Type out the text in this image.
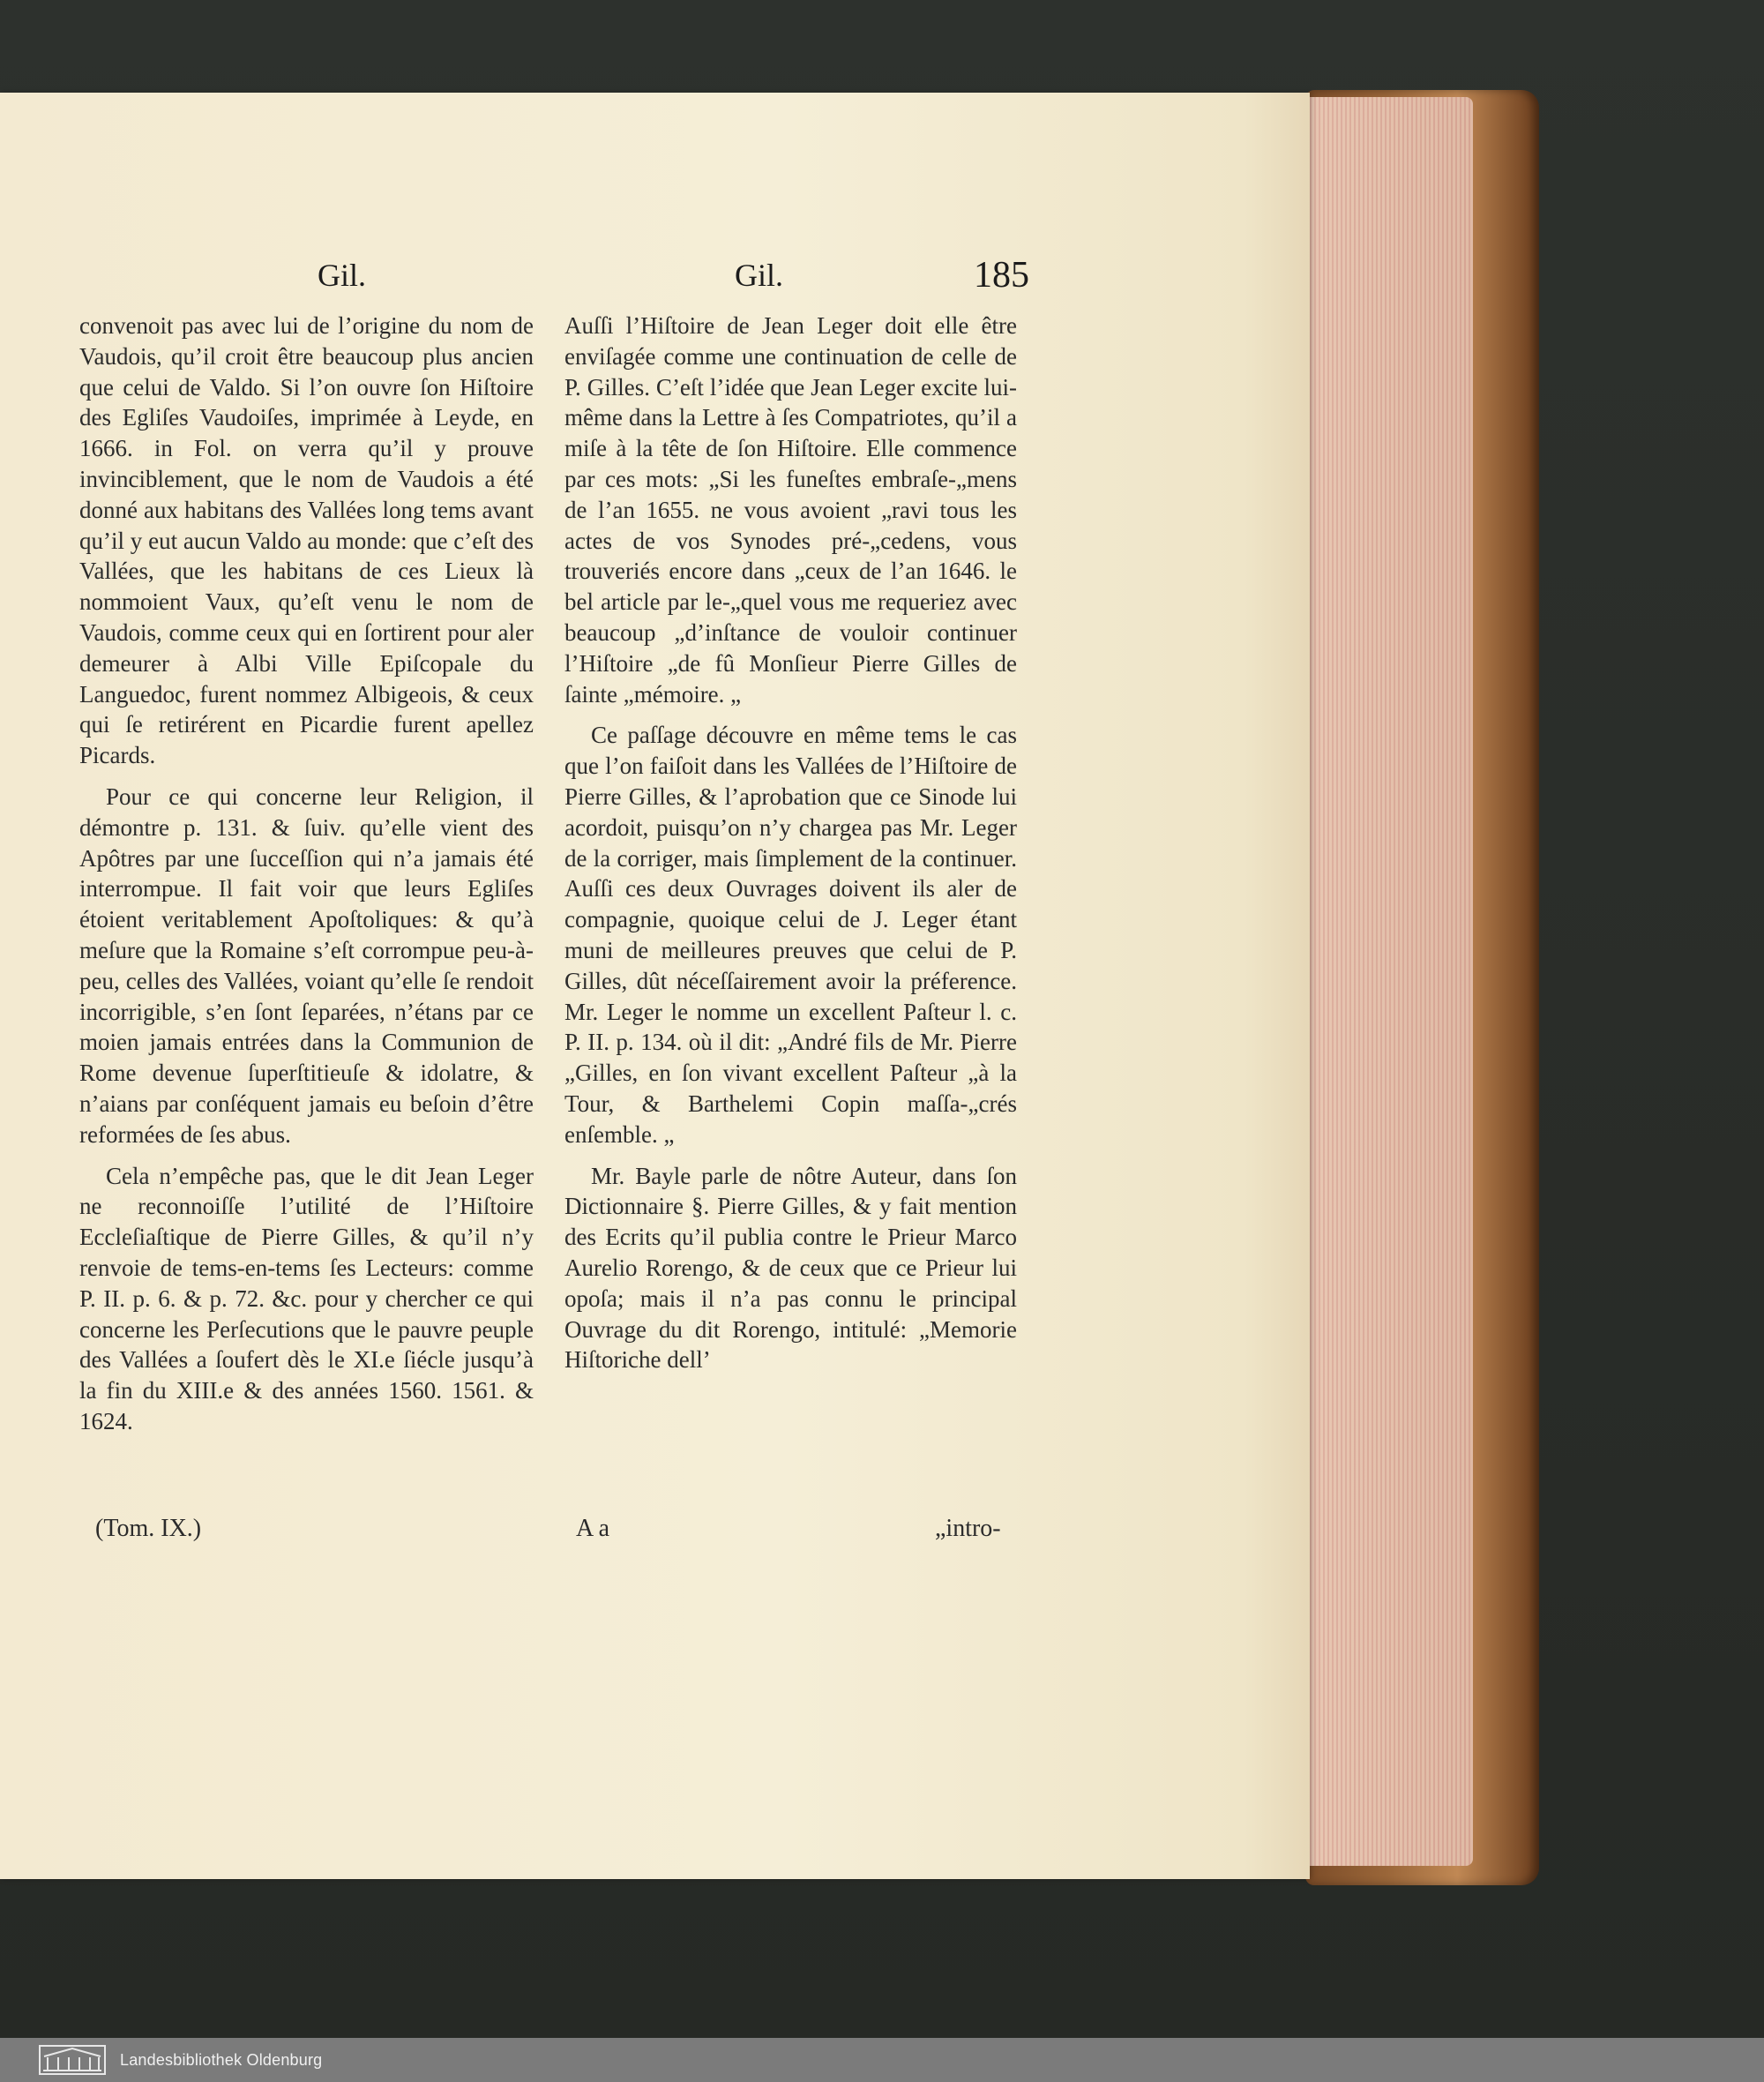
Gil.	Gil.	185

convenoit pas avec lui de l’origine du nom de Vaudois, qu’il croit être beaucoup plus ancien que celui de Valdo. Si l’on ouvre ſon Hiſtoire des Egliſes Vaudoiſes, imprimée à Leyde, en 1666. in Fol. on verra qu’il y prouve invinciblement, que le nom de Vaudois a été donné aux habitans des Vallées long tems avant qu’il y eut aucun Valdo au monde: que c’eſt des Vallées, que les habitans de ces Lieux là nommoient Vaux, qu’eſt venu le nom de Vaudois, comme ceux qui en ſortirent pour aler demeurer à Albi Ville Epiſcopale du Languedoc, furent nommez Albigeois, & ceux qui ſe retirérent en Picardie furent apellez Picards.

Pour ce qui concerne leur Religion, il démontre p. 131. & ſuiv. qu’elle vient des Apôtres par une ſucceſſion qui n’a jamais été interrompue. Il fait voir que leurs Egliſes étoient veritablement Apoſtoliques: & qu’à meſure que la Romaine s’eſt corrompue peu-à-peu, celles des Vallées, voiant qu’elle ſe rendoit incorrigible, s’en ſont ſeparées, n’étans par ce moien jamais entrées dans la Communion de Rome devenue ſuperſtitieuſe & idolatre, & n’aians par conſéquent jamais eu beſoin d’être reformées de ſes abus.

Cela n’empêche pas, que le dit Jean Leger ne reconnoiſſe l’utilité de l’Hiſtoire Eccleſiaſtique de Pierre Gilles, & qu’il n’y renvoie de tems-en-tems ſes Lecteurs: comme P. II. p. 6. & p. 72. &c. pour y chercher ce qui concerne les Perſecutions que le pauvre peuple des Vallées a ſoufert dès le XI.e ſiécle jusqu’à la fin du XIII.e & des années 1560. 1561. & 1624.

Auſſi l’Hiſtoire de Jean Leger doit elle être enviſagée comme une continuation de celle de P. Gilles. C’eſt l’idée que Jean Leger excite lui-même dans la Lettre à ſes Compatriotes, qu’il a miſe à la tête de ſon Hiſtoire. Elle commence par ces mots: „Si les funeſtes embraſe-„mens de l’an 1655. ne vous avoient „ravi tous les actes de vos Synodes pré-„cedens, vous trouveriés encore dans „ceux de l’an 1646. le bel article par le-„quel vous me requeriez avec beaucoup „d’inſtance de vouloir continuer l’Hiſtoire „de fû Monſieur Pierre Gilles de ſainte „mémoire. „

Ce paſſage découvre en même tems le cas que l’on faiſoit dans les Vallées de l’Hiſtoire de Pierre Gilles, & l’aprobation que ce Sinode lui acordoit, puisqu’on n’y chargea pas Mr. Leger de la corriger, mais ſimplement de la continuer. Auſſi ces deux Ouvrages doivent ils aler de compagnie, quoique celui de J. Leger étant muni de meilleures preuves que celui de P. Gilles, dût néceſſairement avoir la préference. Mr. Leger le nomme un excellent Paſteur l. c. P. II. p. 134. où il dit: „André fils de Mr. Pierre „Gilles, en ſon vivant excellent Paſteur „à la Tour, & Barthelemi Copin maſſa-„crés enſemble. „

Mr. Bayle parle de nôtre Auteur, dans ſon Dictionnaire §. Pierre Gilles, & y fait mention des Ecrits qu’il publia contre le Prieur Marco Aurelio Rorengo, & de ceux que ce Prieur lui opoſa; mais il n’a pas connu le principal Ouvrage du dit Rorengo, intitulé: „Memorie Hiſtoriche dell’

(Tom. IX.)	A a	„intro-
Landesbibliothek Oldenburg
